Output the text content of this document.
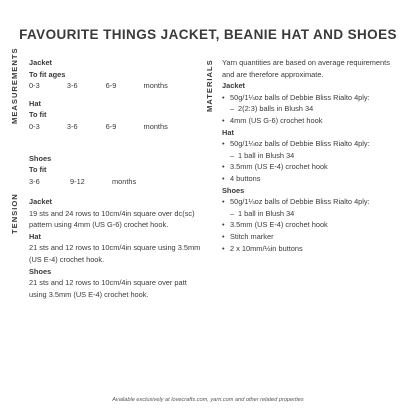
FAVOURITE THINGS JACKET, BEANIE HAT AND SHOES
MEASUREMENTS
TENSION
MATERIALS
Jacket
To fit ages
0-3	3-6	6-9	months
Hat
To fit
0-3	3-6	6-9	months
Shoes
To fit
3-6	9-12	months
Jacket

19 sts and 24 rows to 10cm/4in square over dc(sc) pattern using 4mm (US G-6) crochet hook.

Hat

21 sts and 12 rows to 10cm/4in square using 3.5mm (US E-4) crochet hook.

Shoes

21 sts and 12 rows to 10cm/4in square over patt using 3.5mm (US E-4) crochet hook.

Yarn quantities are based on average requirements and are therefore approximate.

Jacket
• 50g/1¼oz balls of Debbie Bliss Rialto 4ply:
– 2(2:3) balls in Blush 34
• 4mm (US G-6) crochet hook
Hat
• 50g/1¼oz balls of Debbie Bliss Rialto 4ply:
– 1 ball in Blush 34
• 3.5mm (US E-4) crochet hook
• 4 buttons
Shoes
• 50g/1¼oz balls of Debbie Bliss Rialto 4ply:
– 1 ball in Blush 34
• 3.5mm (US E-4) crochet hook
• Stitch marker
• 2 x 10mm/½in buttons
Available exclusively at lovecrafts.com, yarn.com and other related properties
